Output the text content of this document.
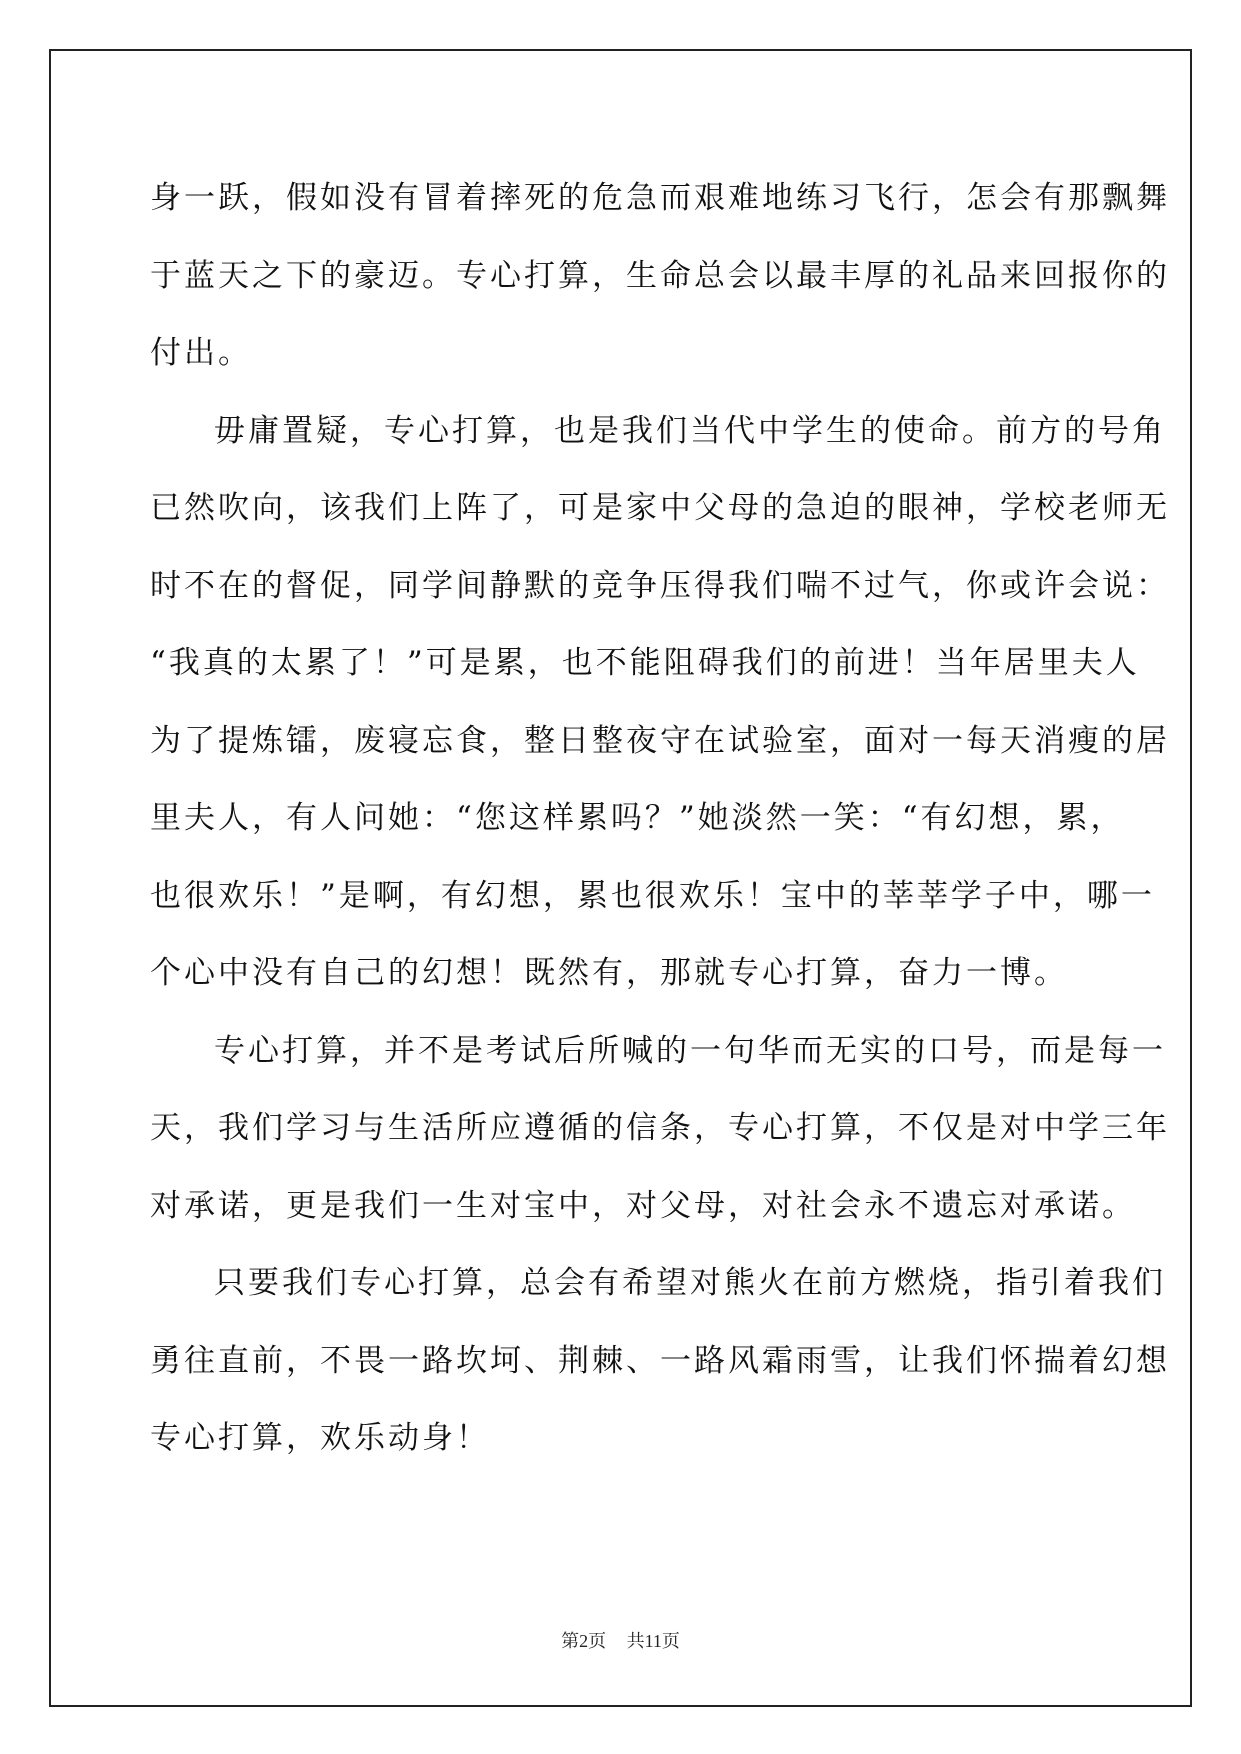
身一跃，假如没有冒着摔死的危急而艰难地练习飞行，怎会有那飘舞
于蓝天之下的豪迈。专心打算，生命总会以最丰厚的礼品来回报你的
付出。
毋庸置疑，专心打算，也是我们当代中学生的使命。前方的号角
已然吹向，该我们上阵了，可是家中父母的急迫的眼神，学校老师无
时不在的督促，同学间静默的竞争压得我们喘不过气，你或许会说：
“我真的太累了！”可是累，也不能阻碍我们的前进！当年居里夫人
为了提炼镭，废寝忘食，整日整夜守在试验室，面对一每天消瘦的居
里夫人，有人问她：“您这样累吗？”她淡然一笑：“有幻想，累，
也很欢乐！”是啊，有幻想，累也很欢乐！宝中的莘莘学子中，哪一
个心中没有自己的幻想！既然有，那就专心打算，奋力一博。
专心打算，并不是考试后所喊的一句华而无实的口号，而是每一
天，我们学习与生活所应遵循的信条，专心打算，不仅是对中学三年
对承诺，更是我们一生对宝中，对父母，对社会永不遗忘对承诺。
只要我们专心打算，总会有希望对熊火在前方燃烧，指引着我们
勇往直前，不畏一路坎坷、荆棘、一路风霜雨雪，让我们怀揣着幻想
专心打算，欢乐动身！
第2页 共11页
